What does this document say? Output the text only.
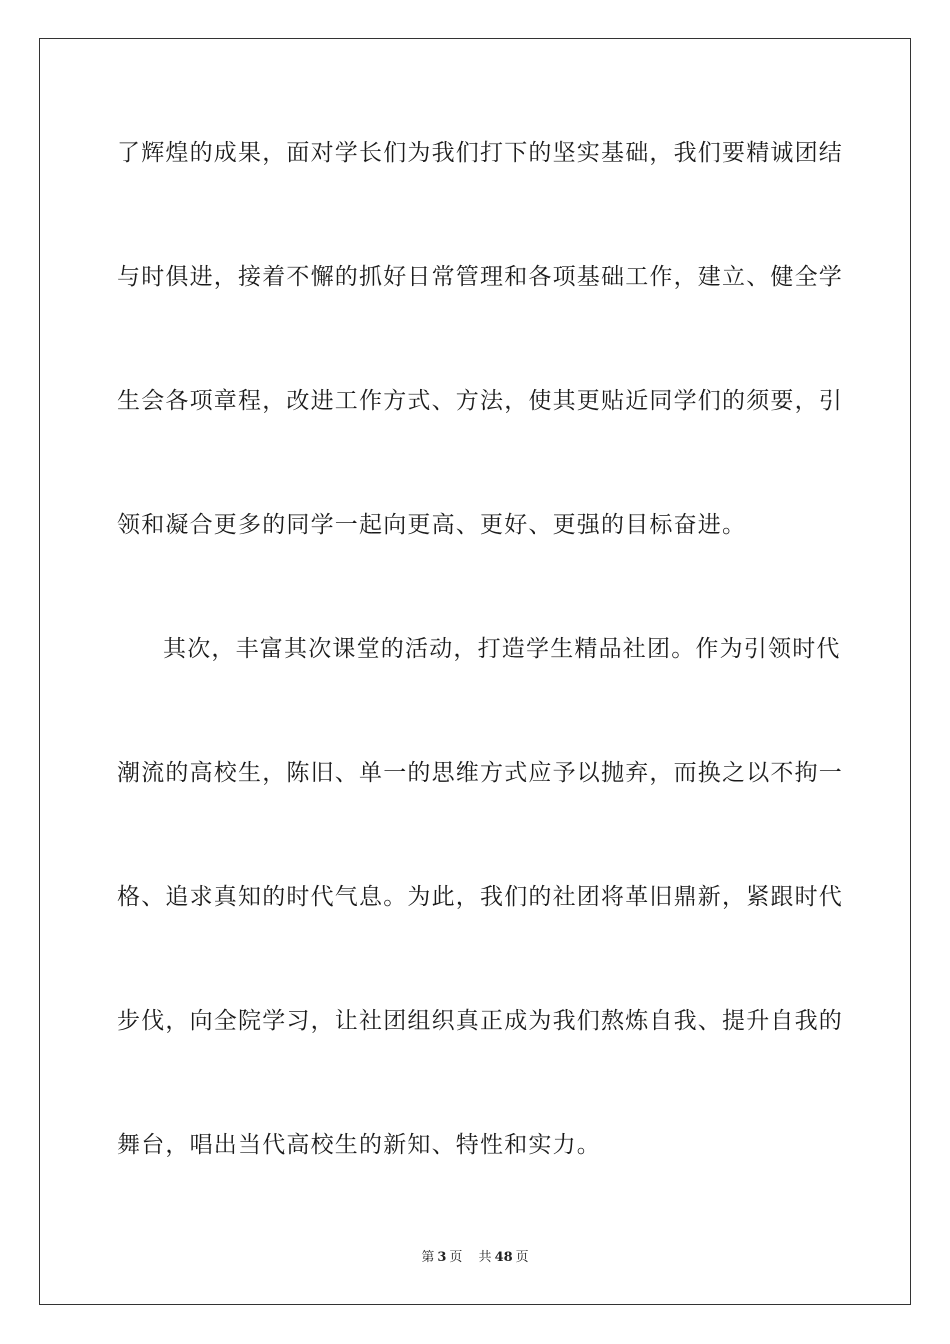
了辉煌的成果，面对学长们为我们打下的坚实基础，我们要精诚团结
与时俱进，接着不懈的抓好日常管理和各项基础工作，建立、健全学
生会各项章程，改进工作方式、方法，使其更贴近同学们的须要，引
领和凝合更多的同学一起向更高、更好、更强的目标奋进。
其次，丰富其次课堂的活动，打造学生精品社团。作为引领时代
潮流的高校生，陈旧、单一的思维方式应予以抛弃，而换之以不拘一
格、追求真知的时代气息。为此，我们的社团将革旧鼎新，紧跟时代
步伐，向全院学习，让社团组织真正成为我们熬炼自我、提升自我的
舞台，唱出当代高校生的新知、特性和实力。
第 3 页 共 48 页
